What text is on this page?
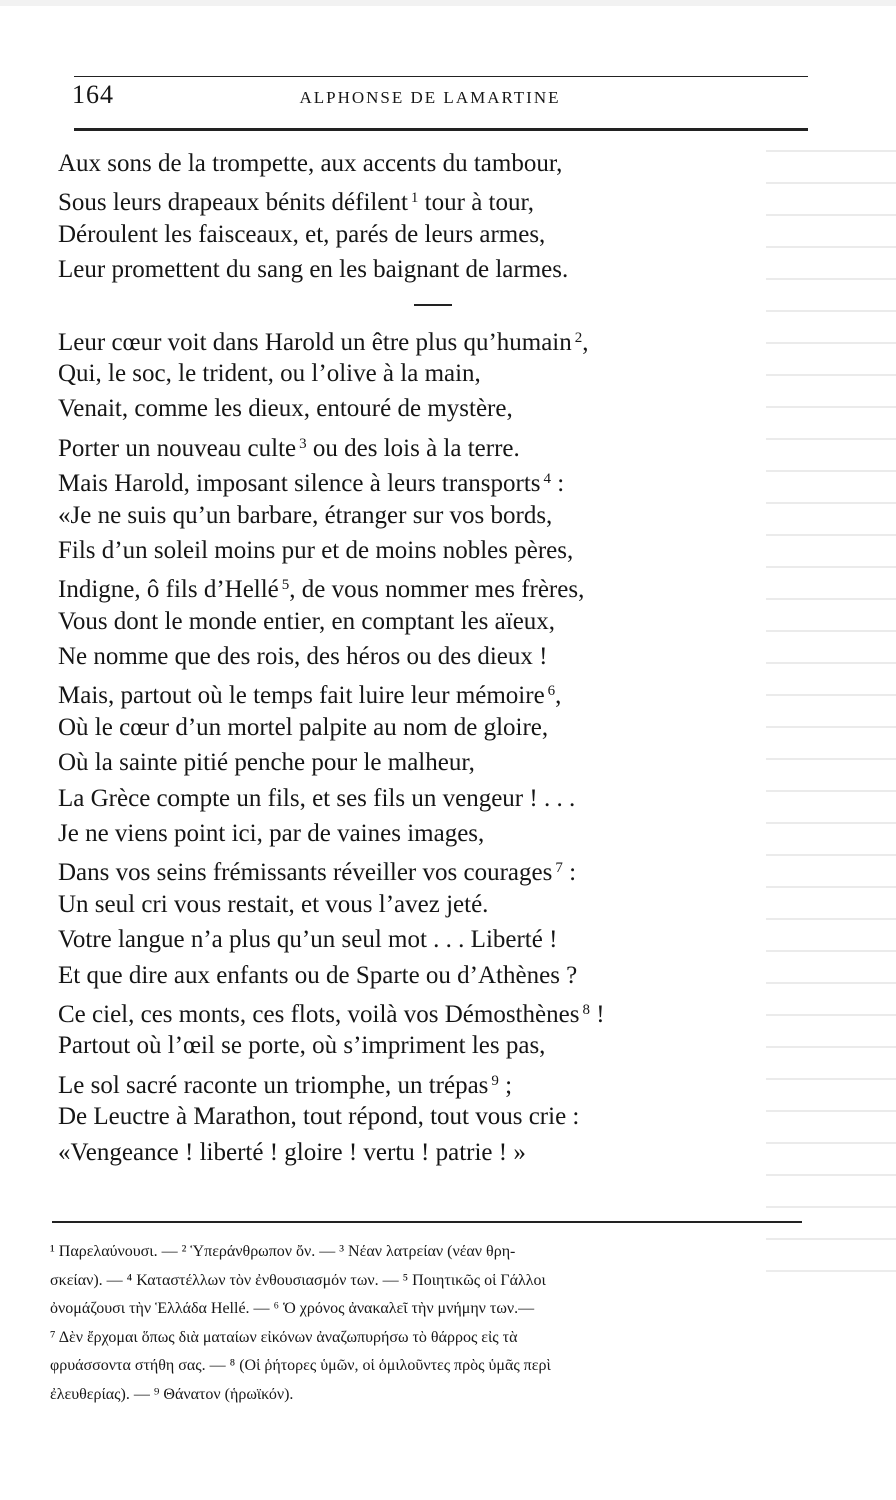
164	ALPHONSE DE LAMARTINE
Aux sons de la trompette, aux accents du tambour,
Sous leurs drapeaux bénits défilent $^1$ tour à tour,
Déroulent les faisceaux, et, parés de leurs armes,
Leur promettent du sang en les baignant de larmes.
Leur cœur voit dans Harold un être plus qu’humain $^2$,
Qui, le soc, le trident, ou l’olive à la main,
Venait, comme les dieux, entouré de mystère,
Porter un nouveau culte $^3$ ou des lois à la terre.
Mais Harold, imposant silence à leurs transports $^4$ :
«Je ne suis qu’un barbare, étranger sur vos bords,
Fils d’un soleil moins pur et de moins nobles pères,
Indigne, ô fils d’Hellé $^5$, de vous nommer mes frères,
Vous dont le monde entier, en comptant les aïeux,
Ne nomme que des rois, des héros ou des dieux !
Mais, partout où le temps fait luire leur mémoire $^6$,
Où le cœur d’un mortel palpite au nom de gloire,
Où la sainte pitié penche pour le malheur,
La Grèce compte un fils, et ses fils un vengeur ! . . .
Je ne viens point ici, par de vaines images,
Dans vos seins frémissants réveiller vos courages $^7$ :
Un seul cri vous restait, et vous l’avez jeté.
Votre langue n’a plus qu’un seul mot . . . Liberté !
Et que dire aux enfants ou de Sparte ou d’Athènes ?
Ce ciel, ces monts, ces flots, voilà vos Démosthènes $^8$ !
Partout où l’œil se porte, où s’impriment les pas,
Le sol sacré raconte un triomphe, un trépas $^9$ ;
De Leuctre à Marathon, tout répond, tout vous crie :
«Vengeance ! liberté ! gloire ! vertu ! patrie ! »
¹ Παρελαύνουσι. — ² Ὑπεράνθρωπον ὄν. — ³ Νέαν λατρείαν (νέαν θρη-
σκείαν). — ⁴ Καταστέλλων τὸν ἐνθουσιασμόν των. — ⁵ Ποιητικῶς οἱ Γάλλοι
ὀνομάζουσι τὴν Ἑλλάδα Hellé. — ⁶ Ὁ χρόνος ἀνακαλεῖ τὴν μνήμην των.—
⁷ Δὲν ἔρχομαι ὅπως διὰ ματαίων εἰκόνων ἀναζωπυρήσω τὸ θάρρος εἰς τὰ
φρυάσσοντα στήθη σας. — ⁸ (Οἱ ῥήτορες ὑμῶν, οἱ ὁμιλοῦντες πρὸς ὑμᾶς περὶ
ἐλευθερίας). — ⁹ Θάνατον (ἡρωϊκόν).
